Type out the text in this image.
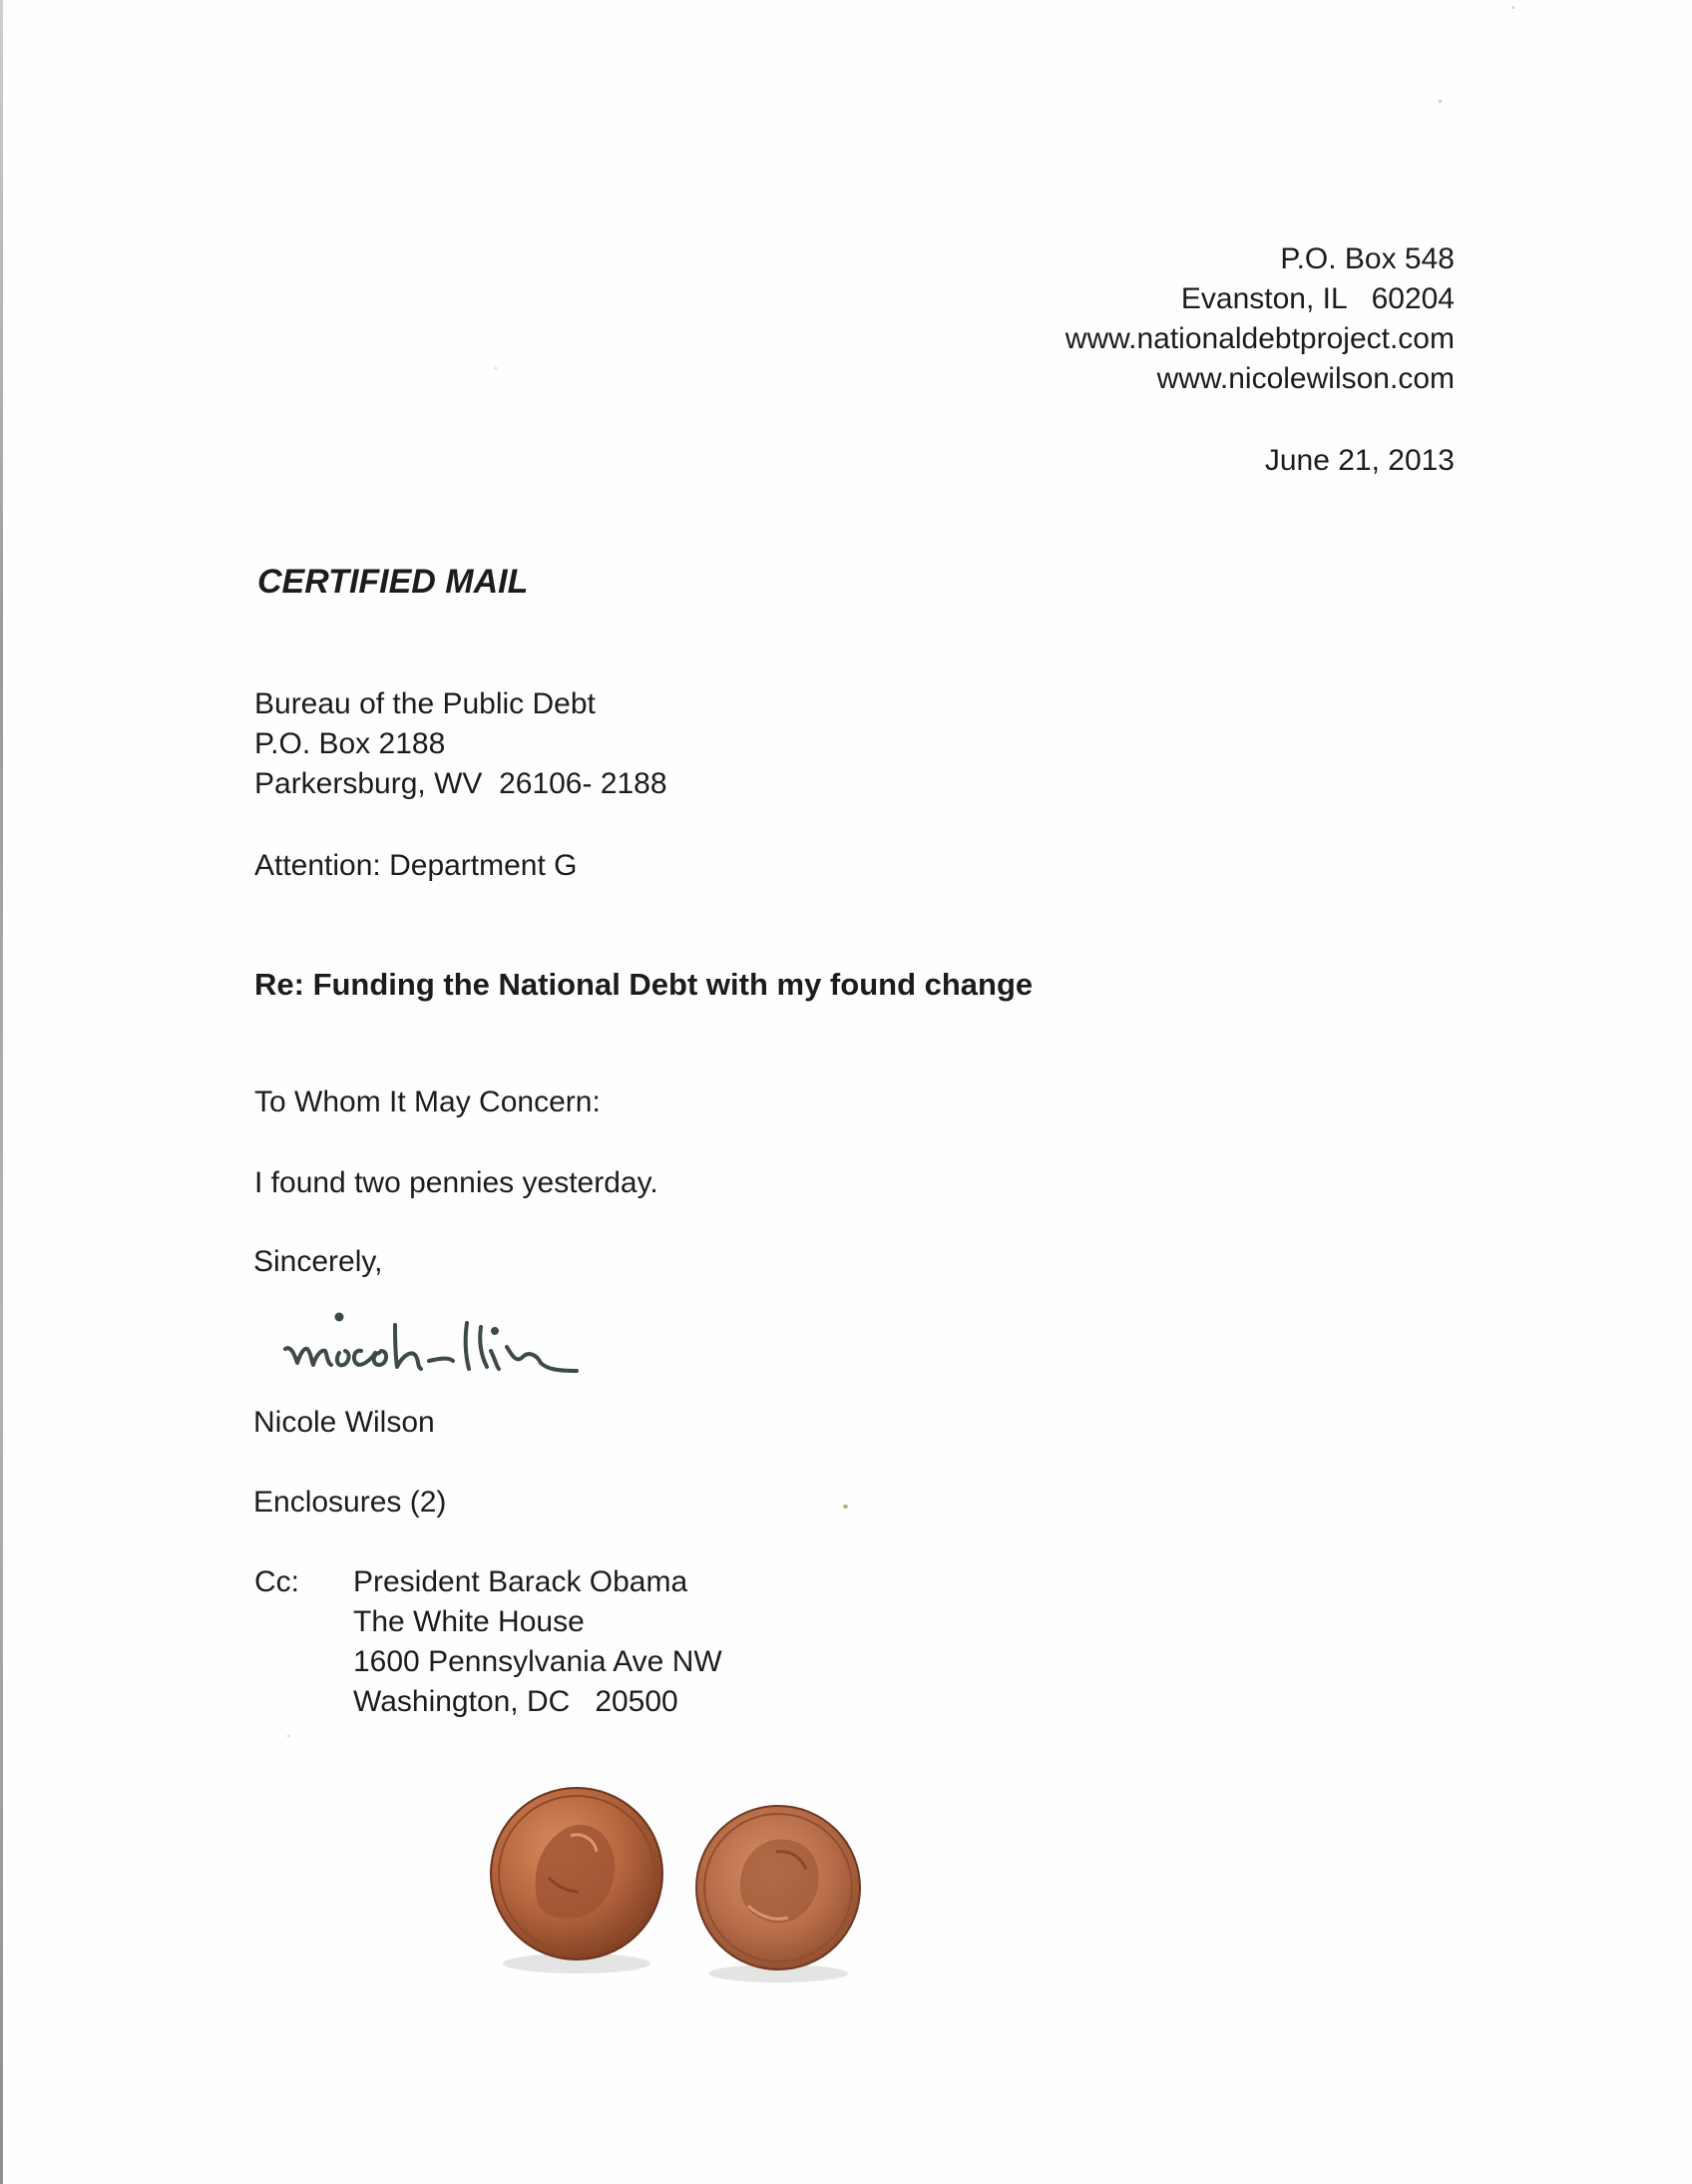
P.O. Box 548
Evanston, IL   60204
www.nationaldebtproject.com
www.nicolewilson.com
June 21, 2013
CERTIFIED MAIL
Bureau of the Public Debt
P.O. Box 2188
Parkersburg, WV  26106- 2188
Attention: Department G
Re: Funding the National Debt with my found change
To Whom It May Concern:
I found two pennies yesterday.
Sincerely,
Nicole Wilson
Enclosures (2)
Cc: President Barack Obama
The White House
1600 Pennsylvania Ave NW
Washington, DC   20500
